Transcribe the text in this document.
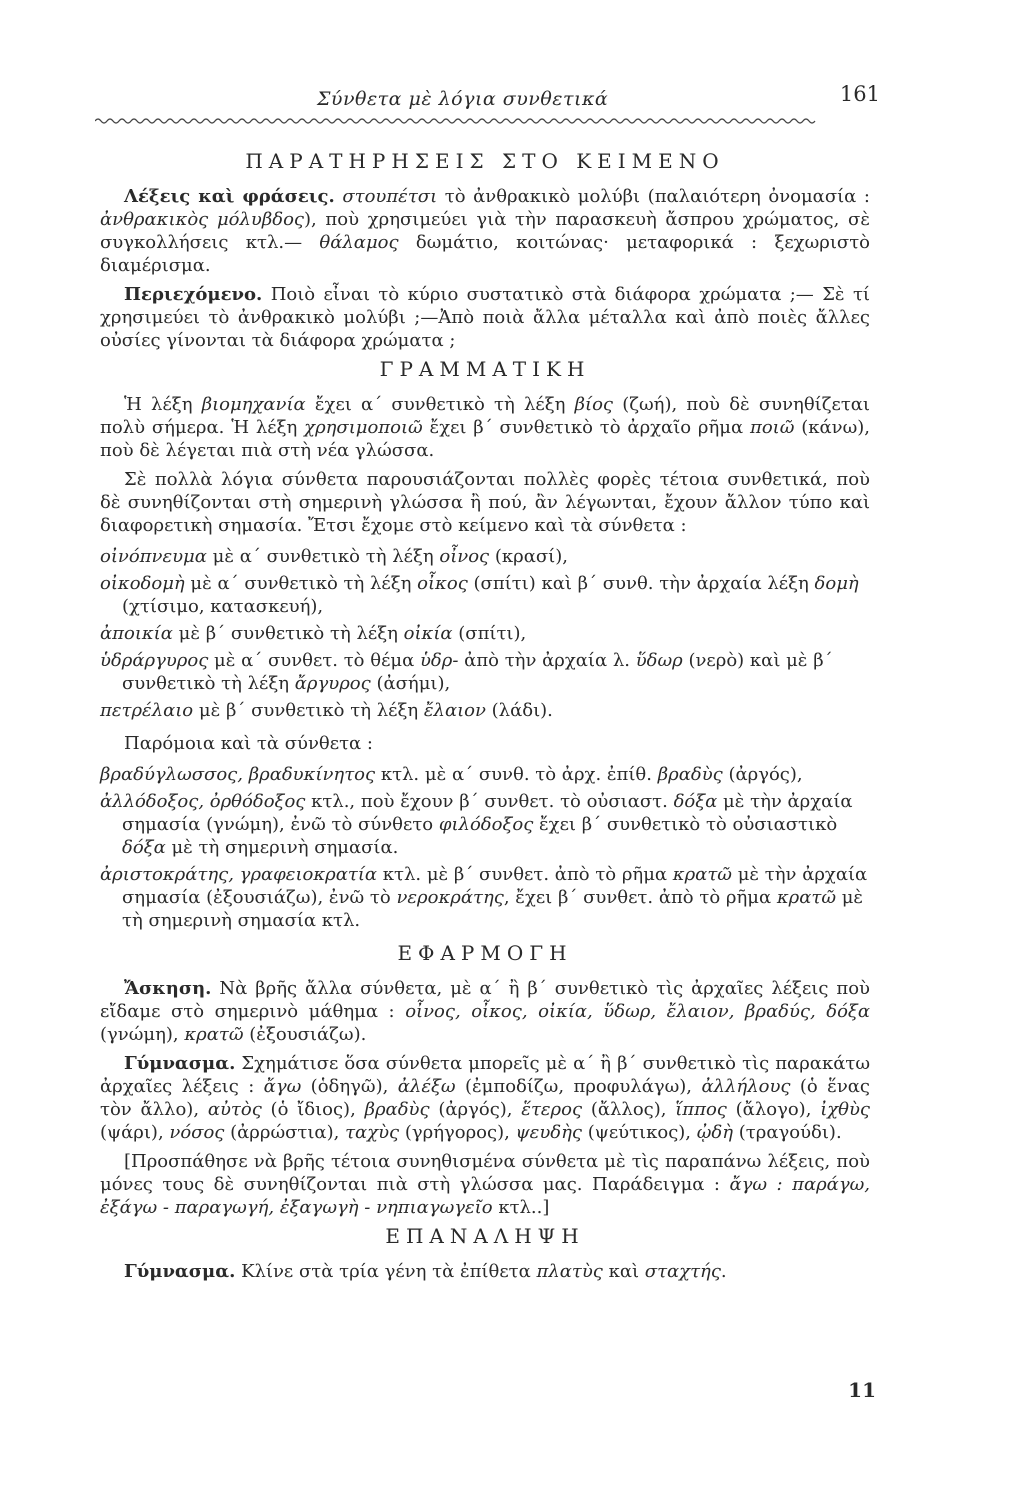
Σύνθετα μὲ λόγια συνθετικά	161
ΠΑΡΑΤΗΡΗΣΕΙΣ ΣΤΟ ΚΕΙΜΕΝΟ

Λέξεις καὶ φράσεις. στουπέτσι τὸ ἀνθρακικὸ μολύβι (παλαιότερη ὀνομασία : ἀνθρακικὸς μόλυβδος), ποὺ χρησιμεύει γιὰ τὴν παρασκευὴ ἄσπρου χρώματος, σὲ συγκολλήσεις κτλ.— θάλαμος δωμάτιο, κοιτώνας· μεταφορικά : ξεχωριστὸ διαμέρισμα.

Περιεχόμενο. Ποιὸ εἶναι τὸ κύριο συστατικὸ στὰ διάφορα χρώματα ;— Σὲ τί χρησιμεύει τὸ ἀνθρακικὸ μολύβι ;—Ἀπὸ ποιὰ ἄλλα μέταλλα καὶ ἀπὸ ποιὲς ἄλλες οὐσίες γίνονται τὰ διάφορα χρώματα ;

ΓΡΑΜΜΑΤΙΚΗ

Ἡ λέξη βιομηχανία ἔχει α΄ συνθετικὸ τὴ λέξη βίος (ζωή), ποὺ δὲ συνηθίζεται πολὺ σήμερα. Ἡ λέξη χρησιμοποιῶ ἔχει β΄ συνθετικὸ τὸ ἀρχαῖο ρῆμα ποιῶ (κάνω), ποὺ δὲ λέγεται πιὰ στὴ νέα γλώσσα.

Σὲ πολλὰ λόγια σύνθετα παρουσιάζονται πολλὲς φορὲς τέτοια συνθετικά, ποὺ δὲ συνηθίζονται στὴ σημερινὴ γλώσσα ἢ πού, ἂν λέγωνται, ἔχουν ἄλλον τύπο καὶ διαφορετικὴ σημασία. Ἔτσι ἔχομε στὸ κείμενο καὶ τὰ σύνθετα :

οἰνόπνευμα μὲ α΄ συνθετικὸ τὴ λέξη οἶνος (κρασί),

οἰκοδομὴ μὲ α΄ συνθετικὸ τὴ λέξη οἶκος (σπίτι) καὶ β΄ συνθ. τὴν ἀρχαία λέξη δομὴ (χτίσιμο, κατασκευή),

ἀποικία μὲ β΄ συνθετικὸ τὴ λέξη οἰκία (σπίτι),

ὑδράργυρος μὲ α΄ συνθετ. τὸ θέμα ὑδρ- ἀπὸ τὴν ἀρχαία λ. ὕδωρ (νερὸ) καὶ μὲ β΄ συνθετικὸ τὴ λέξη ἄργυρος (ἀσήμι),

πετρέλαιο μὲ β΄ συνθετικὸ τὴ λέξη ἔλαιον (λάδι).

Παρόμοια καὶ τὰ σύνθετα :

βραδύγλωσσος, βραδυκίνητος κτλ. μὲ α΄ συνθ. τὸ ἀρχ. ἐπίθ. βραδὺς (ἀργός),

ἀλλόδοξος, ὀρθόδοξος κτλ., ποὺ ἔχουν β΄ συνθετ. τὸ οὐσιαστ. δόξα μὲ τὴν ἀρχαία σημασία (γνώμη), ἐνῶ τὸ σύνθετο φιλόδοξος ἔχει β΄ συνθετικὸ τὸ οὐσιαστικὸ δόξα μὲ τὴ σημερινὴ σημασία.

ἀριστοκράτης, γραφειοκρατία κτλ. μὲ β΄ συνθετ. ἀπὸ τὸ ρῆμα κρατῶ μὲ τὴν ἀρχαία σημασία (ἐξουσιάζω), ἐνῶ τὸ νεροκράτης, ἔχει β΄ συνθετ. ἀπὸ τὸ ρῆμα κρατῶ μὲ τὴ σημερινὴ σημασία κτλ.

ΕΦΑΡΜΟΓΗ

Ἄσκηση. Νὰ βρῆς ἄλλα σύνθετα, μὲ α΄ ἢ β΄ συνθετικὸ τὶς ἀρχαῖες λέξεις ποὺ εἴδαμε στὸ σημερινὸ μάθημα : οἶνος, οἶκος, οἰκία, ὕδωρ, ἔλαιον, βραδύς, δόξα (γνώμη), κρατῶ (ἐξουσιάζω).

Γύμνασμα. Σχημάτισε ὅσα σύνθετα μπορεῖς μὲ α΄ ἢ β΄ συνθετικὸ τὶς παρακάτω ἀρχαῖες λέξεις : ἄγω (ὁδηγῶ), ἀλέξω (ἐμποδίζω, προφυλάγω), ἀλλήλους (ὁ ἕνας τὸν ἄλλο), αὐτὸς (ὁ ἴδιος), βραδὺς (ἀργός), ἕτερος (ἄλλος), ἵππος (ἄλογο), ἰχθὺς (ψάρι), νόσος (ἀρρώστια), ταχὺς (γρήγορος), ψευδὴς (ψεύτικος), ᾠδὴ (τραγούδι).

[Προσπάθησε νὰ βρῆς τέτοια συνηθισμένα σύνθετα μὲ τὶς παραπάνω λέξεις, ποὺ μόνες τους δὲ συνηθίζονται πιὰ στὴ γλώσσα μας. Παράδειγμα : ἄγω : παράγω, ἐξάγω - παραγωγή, ἐξαγωγὴ - νηπιαγωγεῖο κτλ..]

ΕΠΑΝΑΛΗΨΗ

Γύμνασμα. Κλίνε στὰ τρία γένη τὰ ἐπίθετα πλατὺς καὶ σταχτής.

11
